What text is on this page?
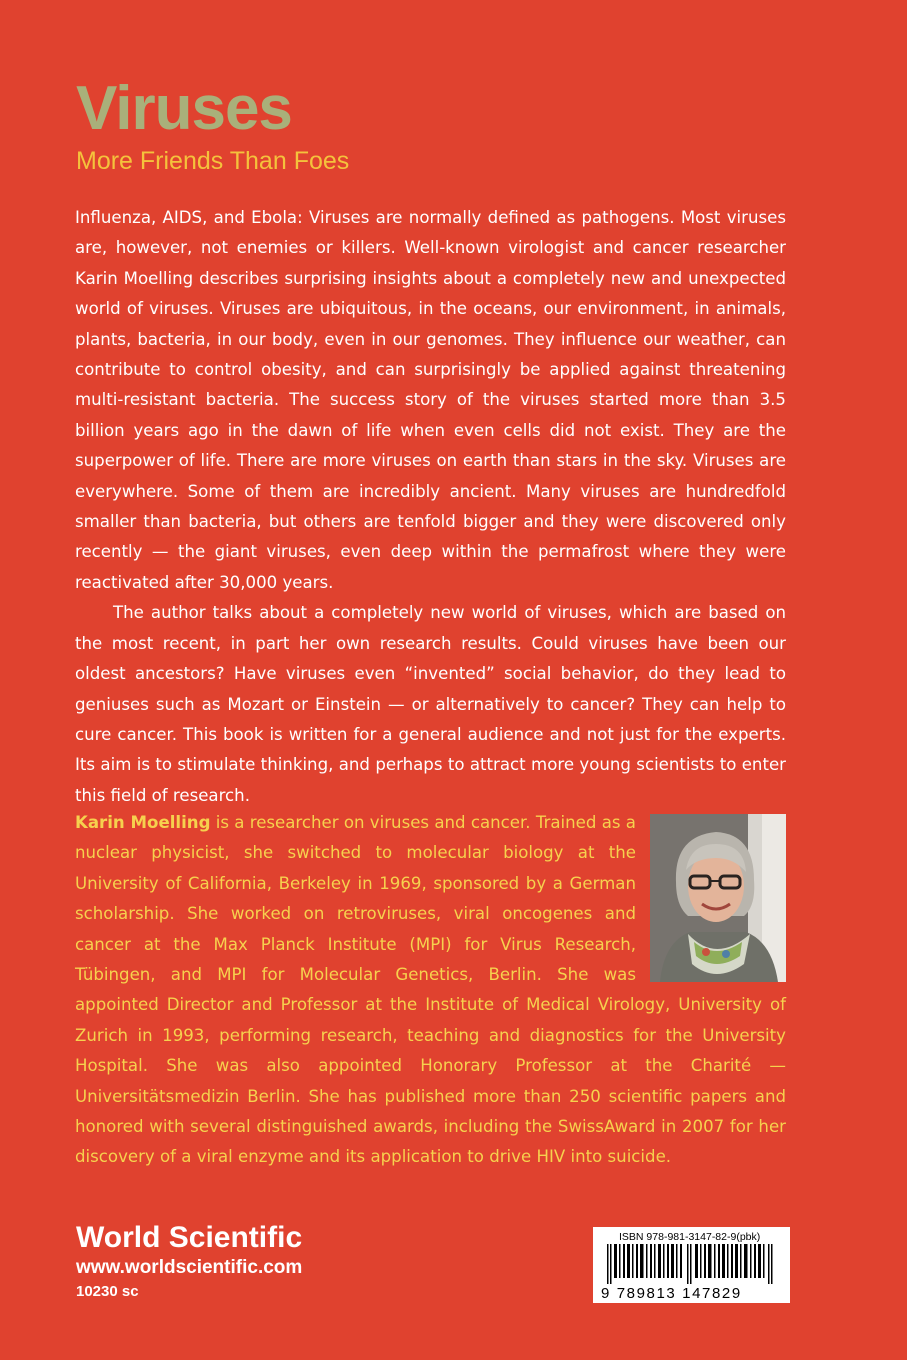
Viruses
More Friends Than Foes

Influenza, AIDS, and Ebola: Viruses are normally defined as pathogens. Most viruses are, however, not enemies or killers. Well-known virologist and cancer researcher Karin Moelling describes surprising insights about a completely new and unexpected world of viruses. Viruses are ubiquitous, in the oceans, our environment, in animals, plants, bacteria, in our body, even in our genomes. They influence our weather, can contribute to control obesity, and can surprisingly be applied against threatening multi-resistant bacteria. The success story of the viruses started more than 3.5 billion years ago in the dawn of life when even cells did not exist. They are the superpower of life. There are more viruses on earth than stars in the sky. Viruses are everywhere. Some of them are incredibly ancient. Many viruses are hundredfold smaller than bacteria, but others are tenfold bigger and they were discovered only recently — the giant viruses, even deep within the permafrost where they were reactivated after 30,000 years.

The author talks about a completely new world of viruses, which are based on the most recent, in part her own research results. Could viruses have been our oldest ancestors? Have viruses even “invented” social behavior, do they lead to geniuses such as Mozart or Einstein — or alternatively to cancer? They can help to cure cancer. This book is written for a general audience and not just for the experts. Its aim is to stimulate thinking, and perhaps to attract more young scientists to enter this field of research.

Karin Moelling is a researcher on viruses and cancer. Trained as a nuclear physicist, she switched to molecular biology at the University of California, Berkeley in 1969, sponsored by a German scholarship. She worked on retroviruses, viral oncogenes and cancer at the Max Planck Institute (MPI) for Virus Research, Tübingen, and MPI for Molecular Genetics, Berlin. She was appointed Director and Professor at the Institute of Medical Virology, University of Zurich in 1993, performing research, teaching and diagnostics for the University Hospital. She was also appointed Honorary Professor at the Charité — Universitätsmedizin Berlin. She has published more than 250 scientific papers and honored with several distinguished awards, including the SwissAward in 2007 for her discovery of a viral enzyme and its application to drive HIV into suicide.
World Scientific
www.worldscientific.com
10230 sc
ISBN 978-981-3147-82-9(pbk)
9 789813 147829
